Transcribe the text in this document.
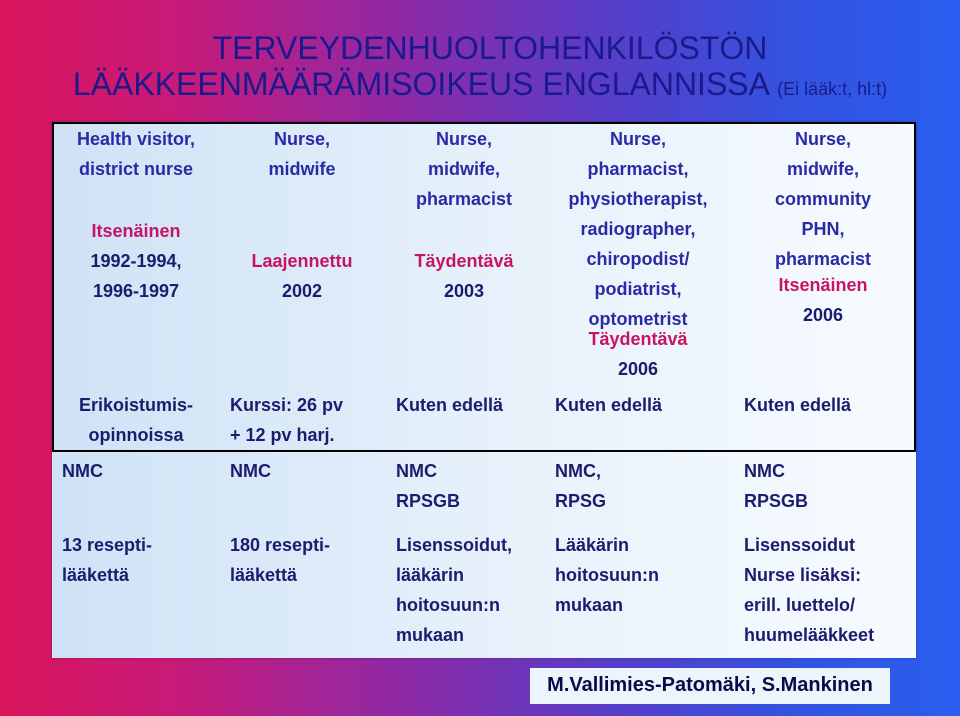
TERVEYDENHUOLTOHENKILÖSTÖN
LÄÄKKEENMÄÄRÄMISOIKEUS ENGLANNISSA (Ei lääk:t, hl:t)
Health visitor,
district nurse
Itsenäinen
1992-1994,
1996-1997
Erikoistumis-
opinnoissa
NMC
13 resepti-
lääkettä
Nurse,
midwife
Laajennettu
2002
Kurssi: 26 pv
+ 12 pv harj.
NMC
180 resepti-
lääkettä
Nurse,
midwife,
pharmacist
Täydentävä
2003
Kuten edellä
NMC
RPSGB
Lisenssoidut,
lääkärin
hoitosuun:n
mukaan
Nurse,
pharmacist,
physiotherapist,
radiographer,
chiropodist/
podiatrist,
optometrist
Täydentävä
2006
Kuten edellä
NMC,
RPSG
Lääkärin
hoitosuun:n
mukaan
Nurse,
midwife,
community
PHN,
pharmacist
Itsenäinen
2006
Kuten edellä
NMC
RPSGB
Lisenssoidut
Nurse lisäksi:
erill. luettelo/
huumelääkkeet
M.Vallimies-Patomäki, S.Mankinen
